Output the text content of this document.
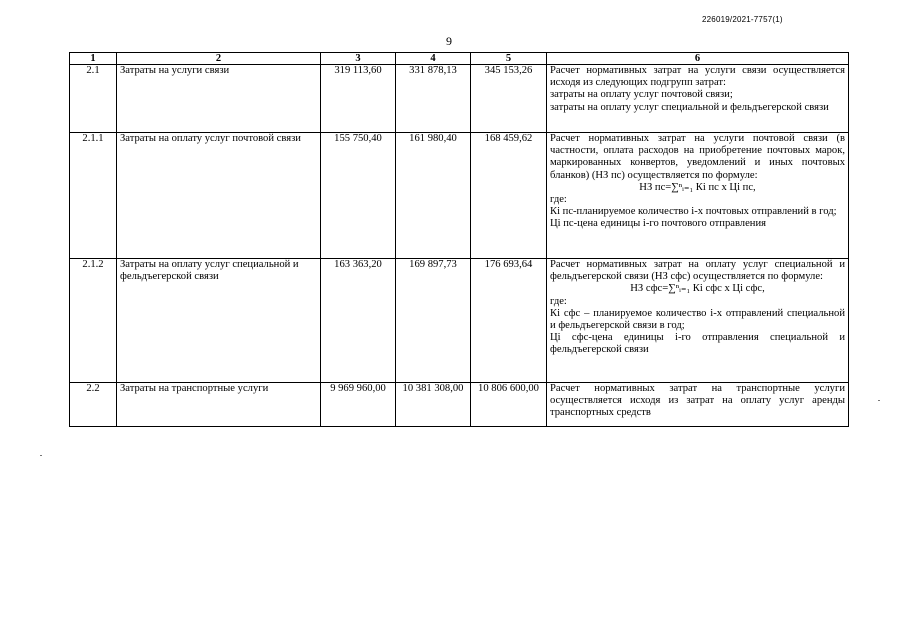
226019/2021-7757(1)
9
1	2	3	4	5	6
2.1	Затраты на услуги связи	319 113,60	331 878,13	345 153,26	Расчет нормативных затрат на услуги связи осуществляется исходя из следующих подгрупп затрат:
затраты на оплату услуг почтовой связи;
затраты на оплату услуг специальной и фельдъегерской связи

2.1.1	Затраты на оплату услуг почтовой связи	155 750,40	161 980,40	168 459,62	Расчет нормативных затрат на услуги почтовой связи (в частности, оплата расходов на приобретение почтовых марок, маркированных конвертов, уведомлений и иных почтовых бланков) (НЗ пс) осуществляется по формуле:
НЗ пс=∑ⁿᵢ₌₁ Кi пс х Цi пс,
где:
Кi пс-планируемое количество i-х почтовых отправлений в год;
Цi пс-цена единицы i-го почтового отправления

2.1.2	Затраты на оплату услуг специальной и фельдъегерской связи	163 363,20	169 897,73	176 693,64	Расчет нормативных затрат на оплату услуг специальной и фельдъегерской связи (НЗ сфс) осуществляется по формуле:
НЗ сфс=∑ⁿᵢ₌₁ Кi сфс х Цi сфс,
где:
Кi сфс – планируемое количество i-х отправлений специальной и фельдъегерской связи в год;
Цi сфс-цена единицы i-го отправления специальной и фельдъегерской связи

2.2	Затраты на транспортные услуги	9 969 960,00	10 381 308,00	10 806 600,00	Расчет нормативных затрат на транспортные услуги осуществляется исходя из затрат на оплату услуг аренды транспортных средств
